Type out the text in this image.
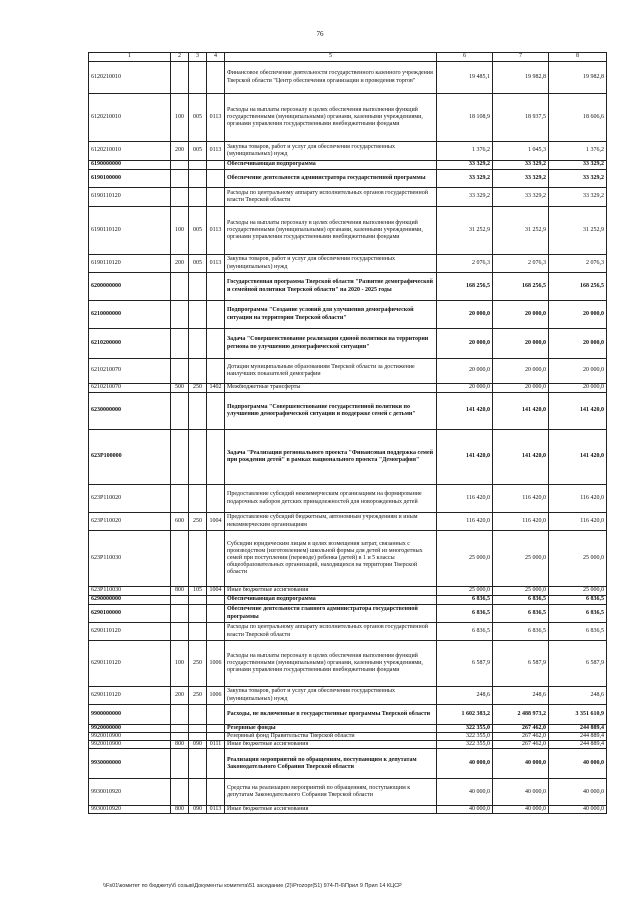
76
1	2	3	4	5	6	7	8
6120210010				Финансовое обеспечение деятельности государственного казенного учреждения Тверской области "Центр обеспечения организации и проведения торгов"	19 485,1	19 982,8	19 982,8
6120210010	100	005	0113	Расходы на выплаты персоналу в целях обеспечения выполнения функций государственными (муниципальными) органами, казенными учреждениями, органами управления государственными внебюджетными фондами	18 108,9	18 937,5	18 606,6
6120210010	200	005	0113	Закупка товаров, работ и услуг для обеспечения государственных (муниципальных) нужд	1 376,2	1 045,3	1 376,2
6190000000				Обеспечивающая подпрограмма	33 329,2	33 329,2	33 329,2
6190100000				Обеспечение деятельности администратора государственной программы	33 329,2	33 329,2	33 329,2
6190110120				Расходы по центральному аппарату исполнительных органов государственной власти Тверской области	33 329,2	33 329,2	33 329,2
6190110120	100	005	0113	Расходы на выплаты персоналу в целях обеспечения выполнения функций государственными (муниципальными) органами, казенными учреждениями, органами управления государственными внебюджетными фондами	31 252,9	31 252,9	31 252,9
6190110120	200	005	0113	Закупка товаров, работ и услуг для обеспечения государственных (муниципальных) нужд	2 076,3	2 076,3	2 076,3
6200000000				Государственная программа Тверской области "Развитие демографической и семейной политики Тверской области" на 2020 - 2025 годы	168 256,5	168 256,5	168 256,5
6210000000				Подпрограмма "Создание условий для улучшения демографической ситуации на территории Тверской области"	20 000,0	20 000,0	20 000,0
6210200000				Задача "Совершенствование реализации единой политики на территории региона по улучшению демографической ситуации"	20 000,0	20 000,0	20 000,0
6210210070				Дотации муниципальным образованиям Тверской области за достижение наилучших показателей демографии	20 000,0	20 000,0	20 000,0
6210210070	500	250	1402	Межбюджетные трансферты	20 000,0	20 000,0	20 000,0
6230000000				Подпрограмма "Совершенствование государственной политики по улучшению демографической ситуации и поддержке семей с детьми"	141 420,0	141 420,0	141 420,0
623Р100000				Задача "Реализация регионального проекта "Финансовая поддержка семей при рождении детей" в рамках национального проекта "Демография"	141 420,0	141 420,0	141 420,0
623Р110020				Предоставление субсидий некоммерческим организациям на формирование подарочных наборов детских принадлежностей для новорожденных детей	116 420,0	116 420,0	116 420,0
623Р110020	600	250	1004	Предоставление субсидий бюджетным, автономным учреждениям и иным некоммерческим организациям	116 420,0	116 420,0	116 420,0
623Р110030				Субсидии юридическим лицам в целях возмещения затрат, связанных с производством (изготовлением) школьной формы для детей из многодетных семей при поступлении (переводе) ребенка (детей) в 1 и 5 классы общеобразовательных организаций, находящихся на территории Тверской области	25 000,0	25 000,0	25 000,0
623Р110030	800	105	1004	Иные бюджетные ассигнования	25 000,0	25 000,0	25 000,0
6290000000				Обеспечивающая подпрограмма	6 836,5	6 836,5	6 836,5
6290100000				Обеспечение деятельности главного администратора государственной программы	6 836,5	6 836,5	6 836,5
6290110120				Расходы по центральному аппарату исполнительных органов государственной власти Тверской области	6 836,5	6 836,5	6 836,5
6290110120	100	250	1006	Расходы на выплаты персоналу в целях обеспечения выполнения функций государственными (муниципальными) органами, казенными учреждениями, органами управления государственными внебюджетными фондами	6 587,9	6 587,9	6 587,9
6290110120	200	250	1006	Закупка товаров, работ и услуг для обеспечения государственных (муниципальных) нужд	248,6	248,6	248,6
9900000000				Расходы, не включенные в государственные программы Тверской области	1 602 383,2	2 488 973,2	3 351 610,9
9920000000				Резервные фонды	322 355,0	267 462,0	244 889,4
9920010900				Резервный фонд Правительства Тверской области	322 355,0	267 462,0	244 889,4
9920010900	800	090	0111	Иные бюджетные ассигнования	322 355,0	267 462,0	244 889,4
9930000000				Реализация мероприятий по обращениям, поступающим к депутатам Законодательного Собрания Тверской области	40 000,0	40 000,0	40 000,0
9930010920				Средства на реализацию мероприятий по обращениям, поступающим к депутатам Законодательного Собрания Тверской области	40 000,0	40 000,0	40 000,0
9930010920	800	090	0113	Иные бюджетные ассигнования	40 000,0	40 000,0	40 000,0
\\Fs01\комитет по бюджету\б созыв\Документы комитета\51 заседание (2)\Prozopr(51) 974-П-6\Прил 9 Прил 14 КЦСР
